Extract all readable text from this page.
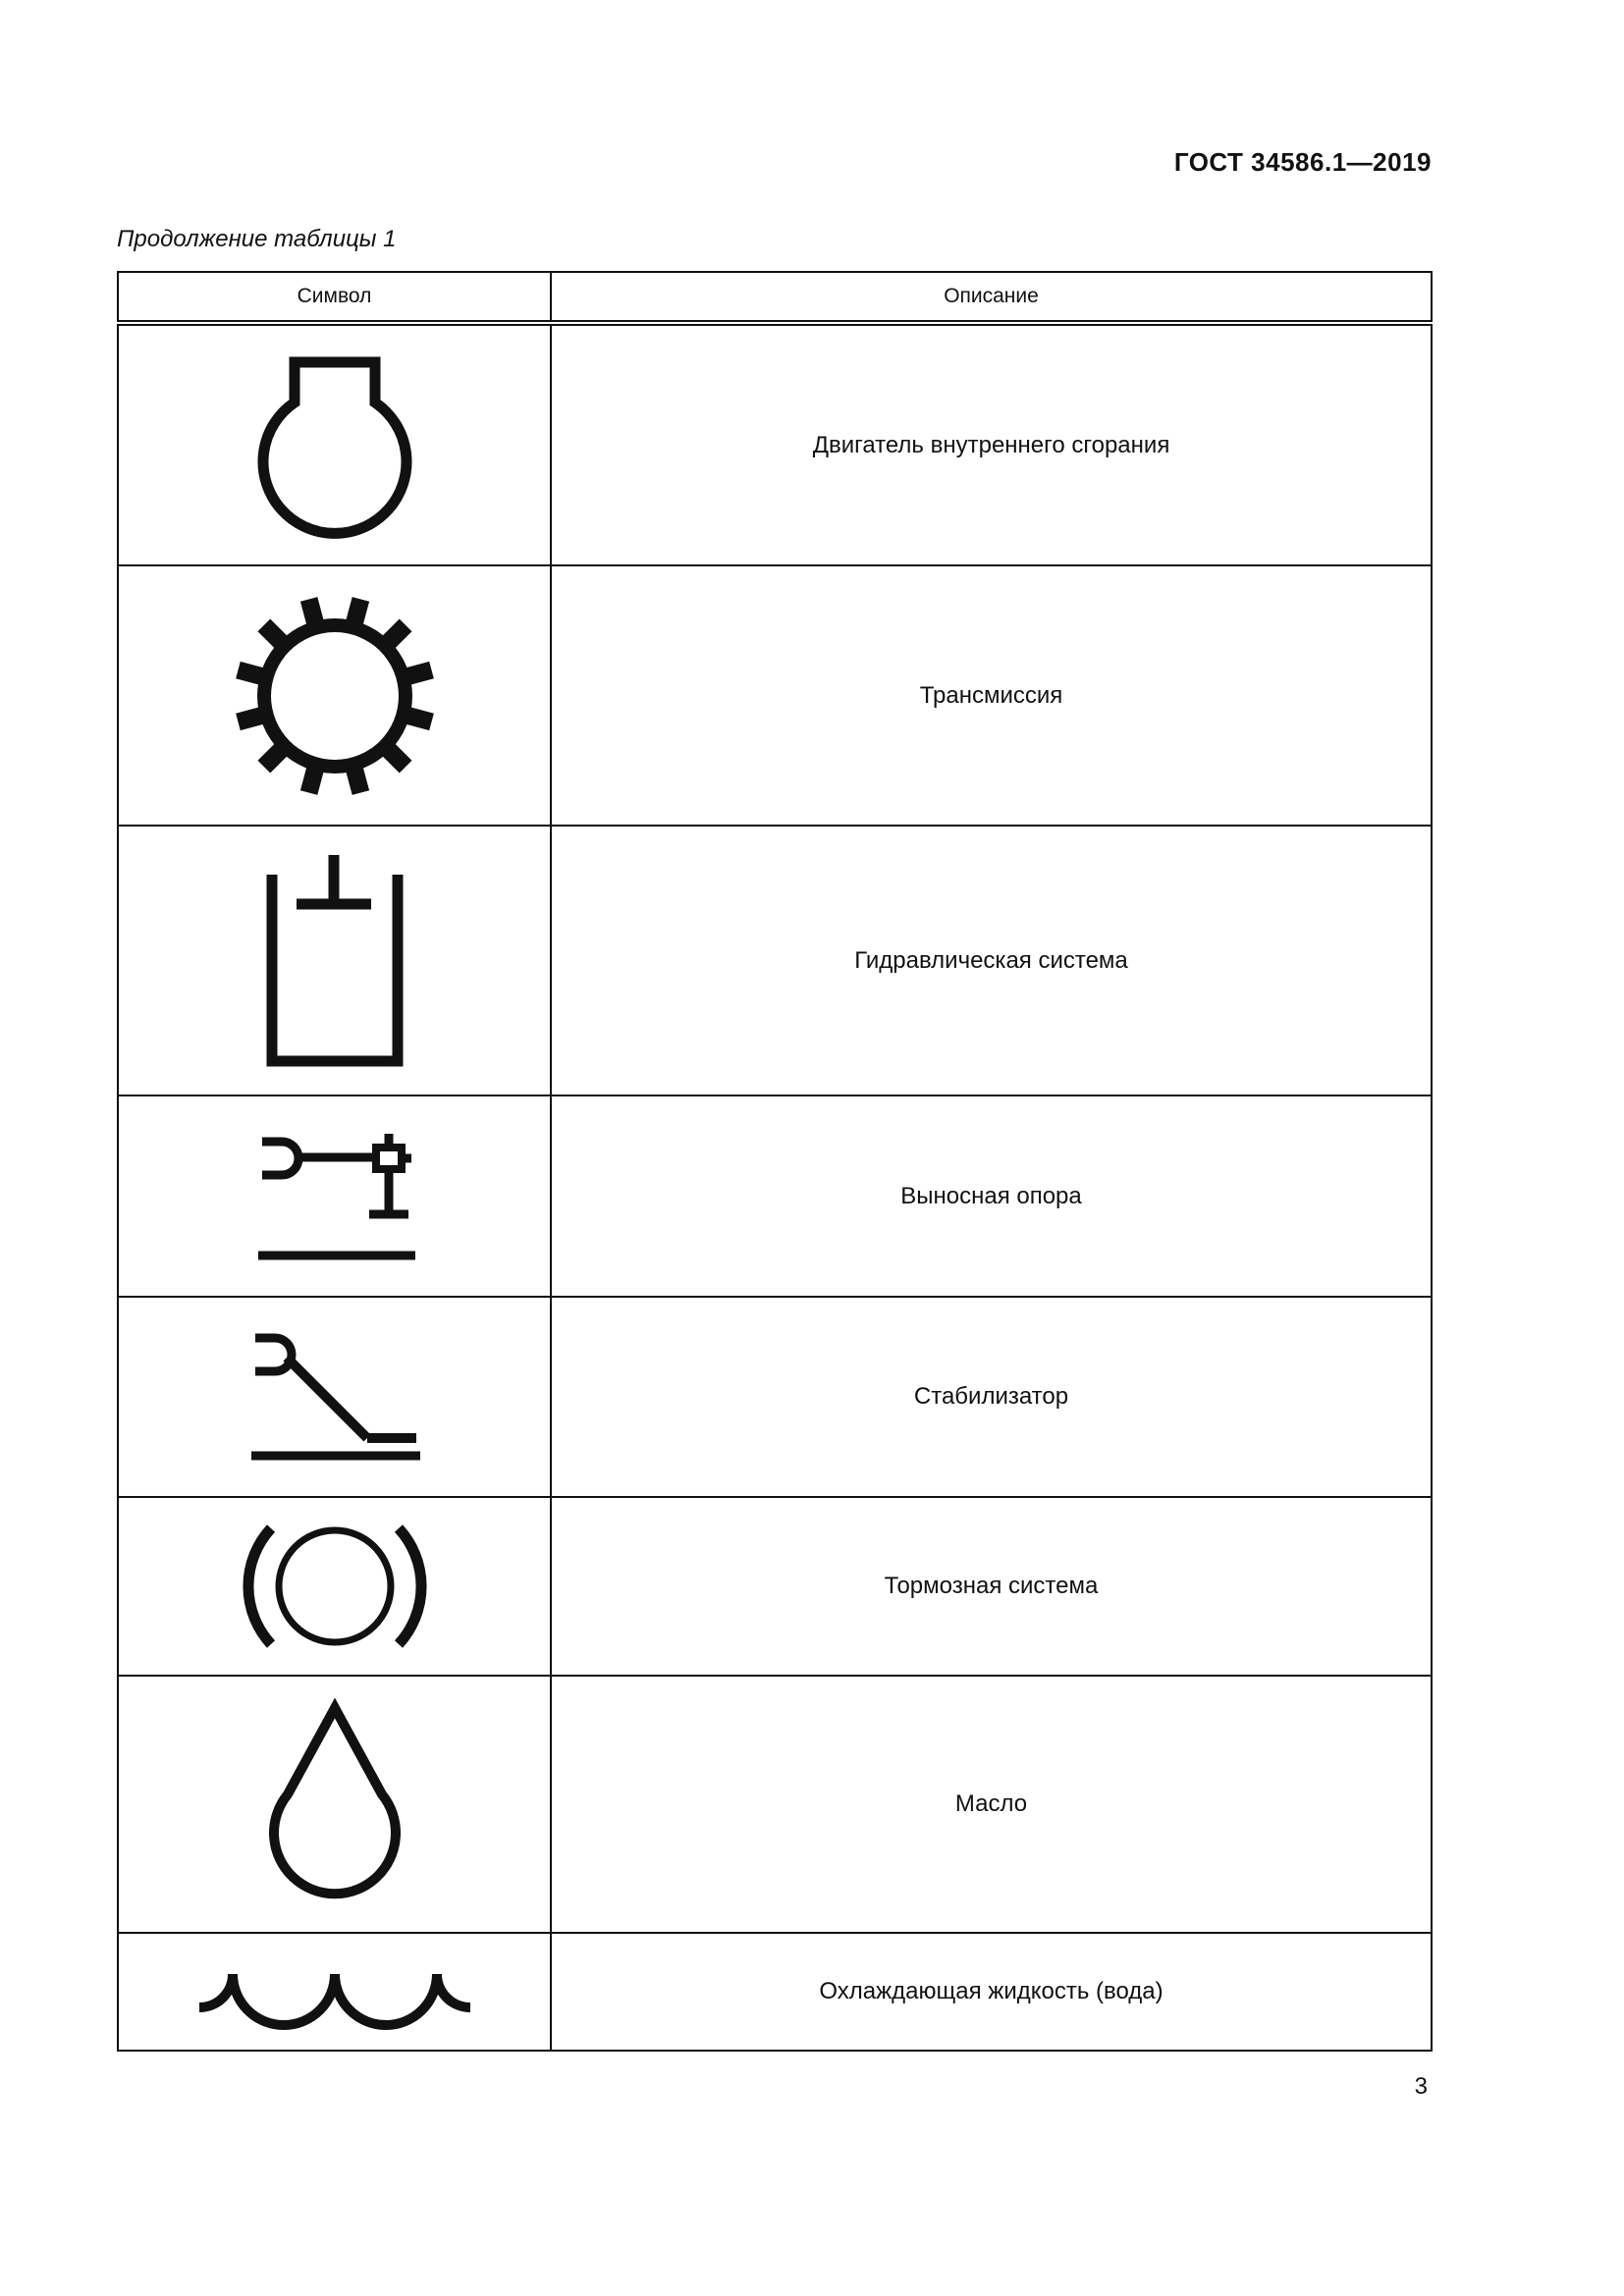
ГОСТ 34586.1—2019
Продолжение таблицы 1
Символ	Описание

	Двигатель внутреннего сгорания

	Трансмиссия

	Гидравлическая система

	Выносная опора

	Стабилизатор

	Тормозная система

	Масло

	Охлаждающая жидкость (вода)
3
